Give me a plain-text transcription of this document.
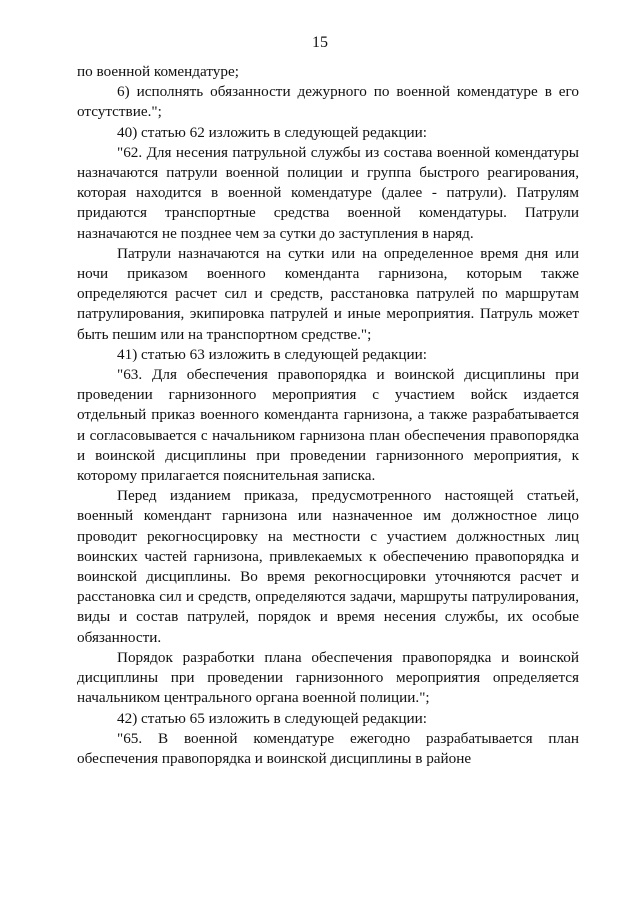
15

по военной комендатуре;

6) исполнять обязанности дежурного по военной комендатуре в его отсутствие.";

40) статью 62 изложить в следующей редакции:

"62. Для несения патрульной службы из состава военной комендатуры назначаются патрули военной полиции и группа быстрого реагирования, которая находится в военной комендатуре (далее - патрули). Патрулям придаются транспортные средства военной комендатуры. Патрули назначаются не позднее чем за сутки до заступления в наряд.

Патрули назначаются на сутки или на определенное время дня или ночи приказом военного коменданта гарнизона, которым также определяются расчет сил и средств, расстановка патрулей по маршрутам патрулирования, экипировка патрулей и иные мероприятия. Патруль может быть пешим или на транспортном средстве.";

41) статью 63 изложить в следующей редакции:

"63. Для обеспечения правопорядка и воинской дисциплины при проведении гарнизонного мероприятия с участием войск издается отдельный приказ военного коменданта гарнизона, а также разрабатывается и согласовывается с начальником гарнизона план обеспечения правопорядка и воинской дисциплины при проведении гарнизонного мероприятия, к которому прилагается пояснительная записка.

Перед изданием приказа, предусмотренного настоящей статьей, военный комендант гарнизона или назначенное им должностное лицо проводит рекогносцировку на местности с участием должностных лиц воинских частей гарнизона, привлекаемых к обеспечению правопорядка и воинской дисциплины. Во время рекогносцировки уточняются расчет и расстановка сил и средств, определяются задачи, маршруты патрулирования, виды и состав патрулей, порядок и время несения службы, их особые обязанности.

Порядок разработки плана обеспечения правопорядка и воинской дисциплины при проведении гарнизонного мероприятия определяется начальником центрального органа военной полиции.";

42) статью 65 изложить в следующей редакции:

"65. В военной комендатуре ежегодно разрабатывается план обеспечения правопорядка и воинской дисциплины в районе
